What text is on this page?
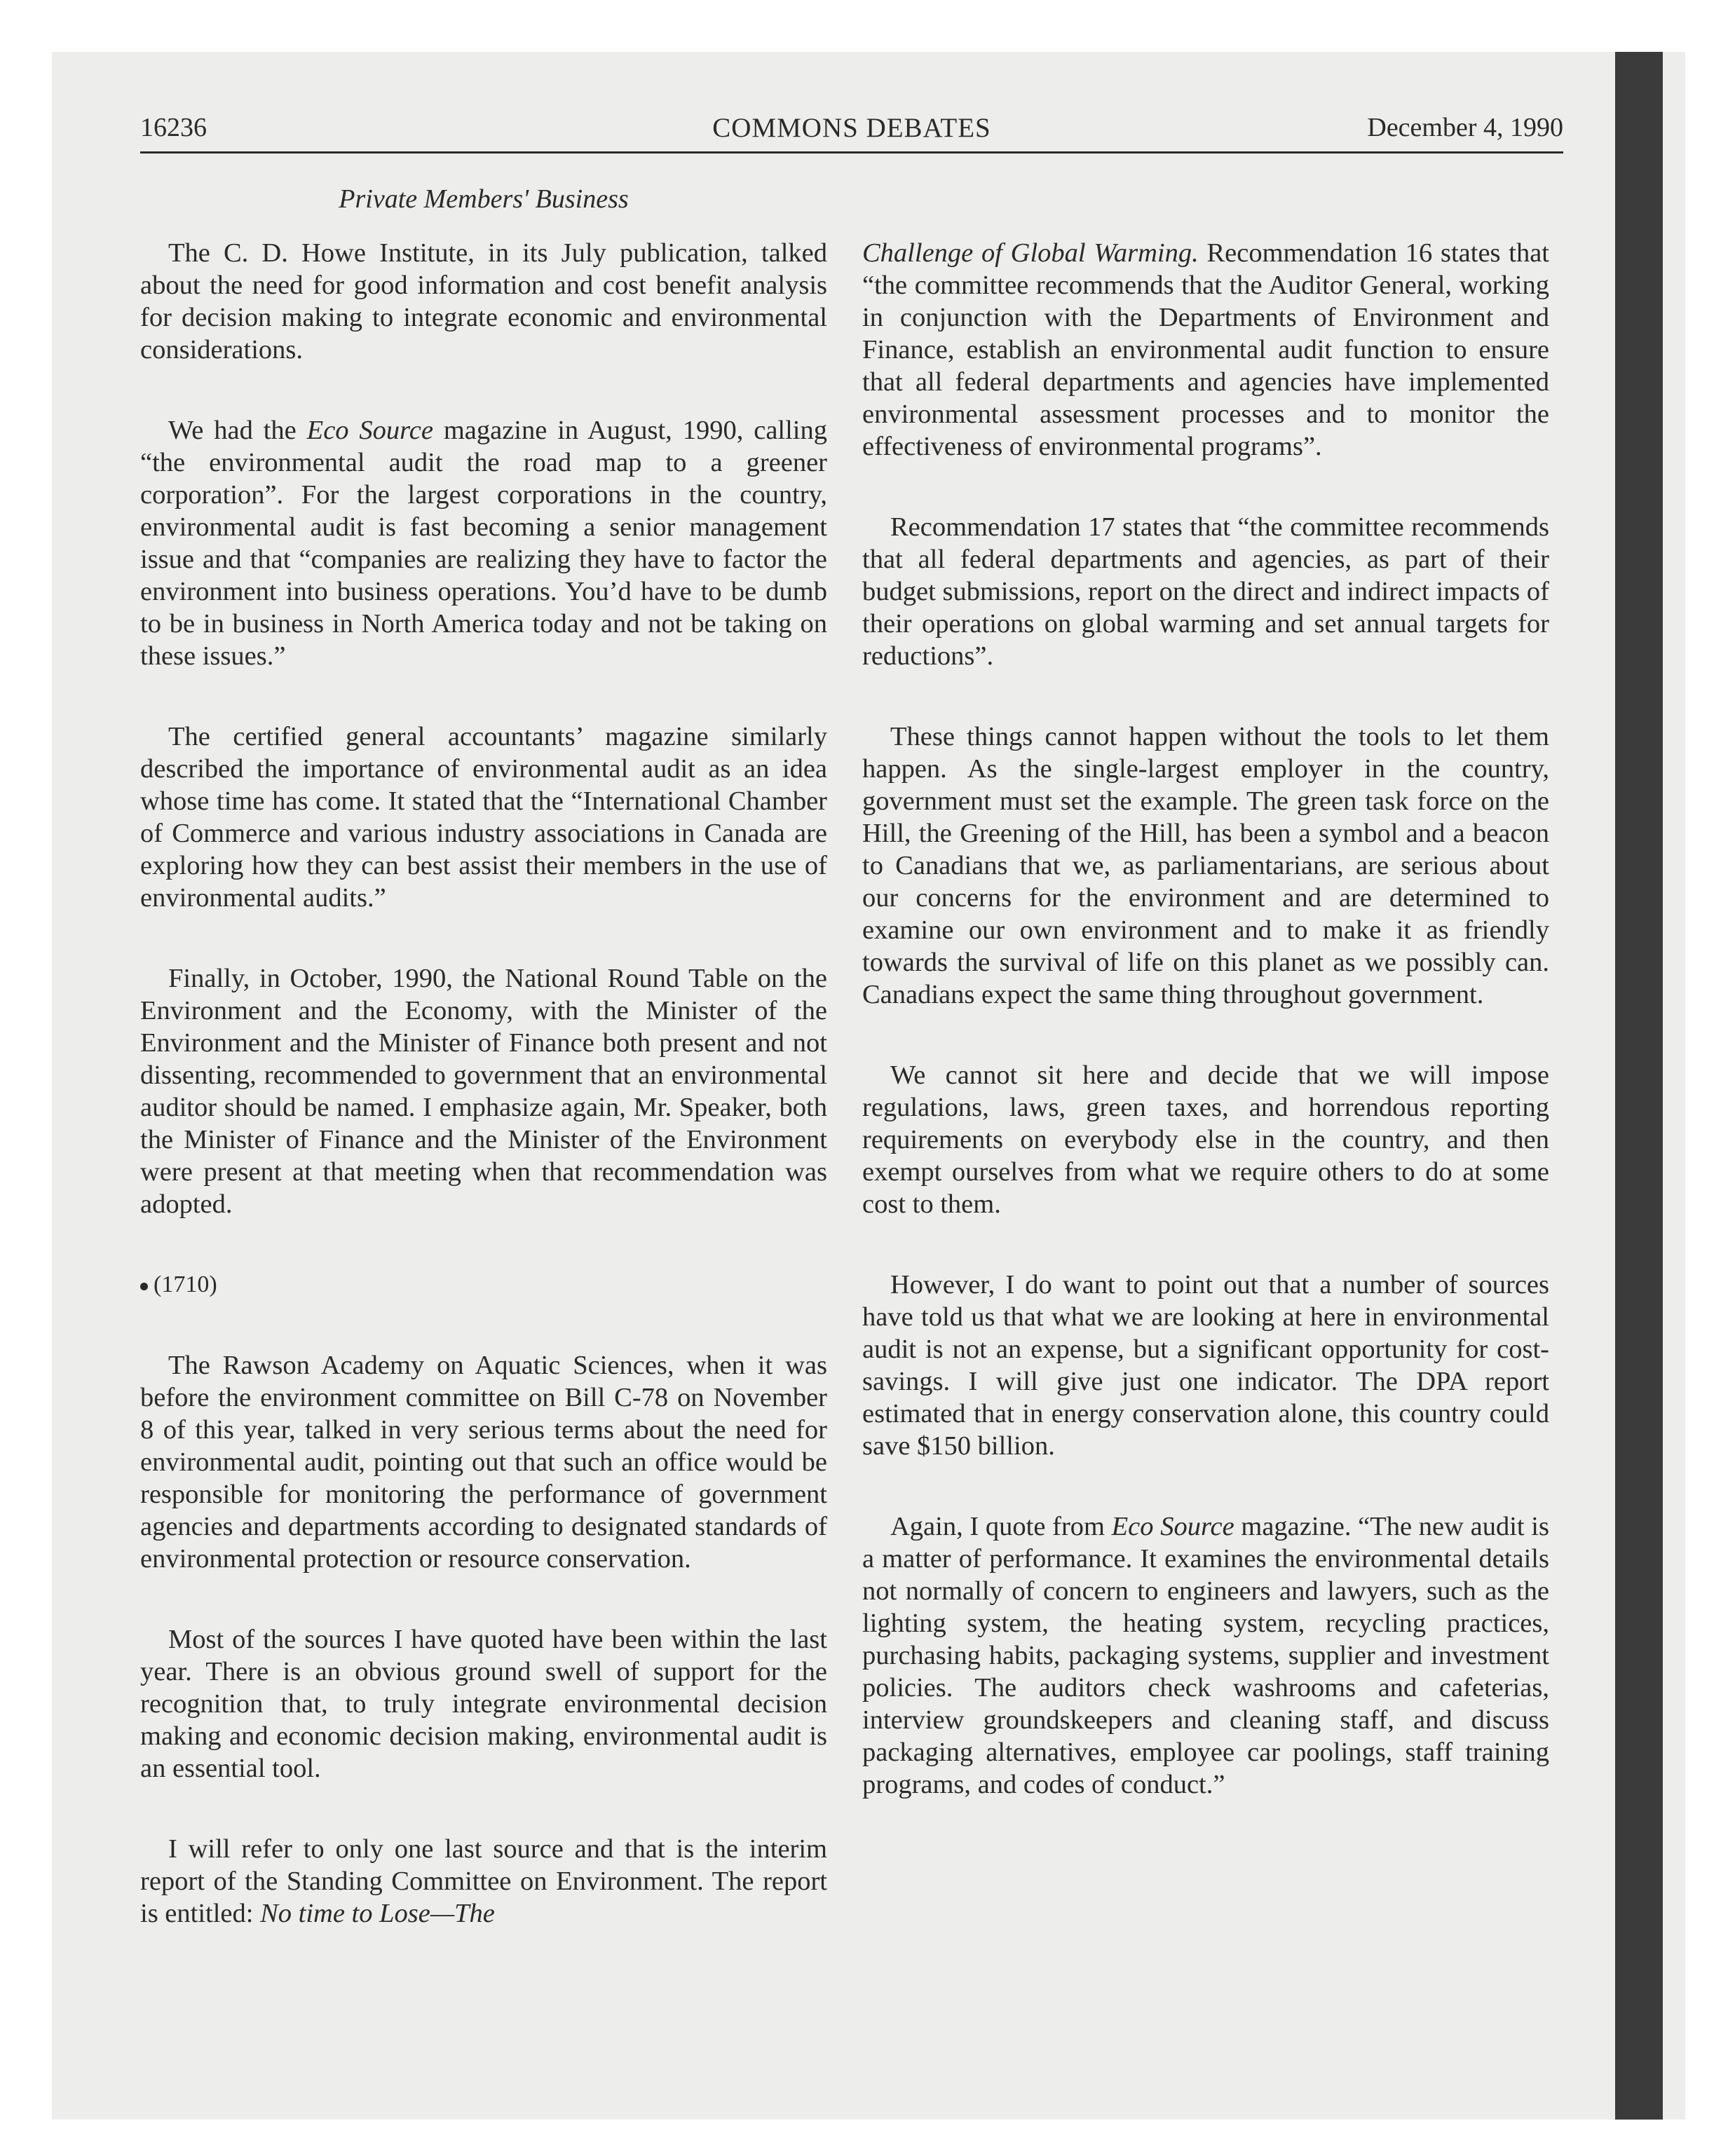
16236	COMMONS DEBATES	December 4, 1990
Private Members' Business

The C. D. Howe Institute, in its July publication, talked about the need for good information and cost benefit analysis for decision making to integrate economic and environmental considerations.

We had the Eco Source magazine in August, 1990, calling “the environmental audit the road map to a greener corporation”. For the largest corporations in the country, environmental audit is fast becoming a senior management issue and that “companies are realizing they have to factor the environment into business operations. You’d have to be dumb to be in business in North America today and not be taking on these issues.”

The certified general accountants’ magazine similarly described the importance of environmental audit as an idea whose time has come. It stated that the “International Chamber of Commerce and various industry associations in Canada are exploring how they can best assist their members in the use of environmental audits.”

Finally, in October, 1990, the National Round Table on the Environment and the Economy, with the Minister of the Environment and the Minister of Finance both present and not dissenting, recommended to government that an environmental auditor should be named. I emphasize again, Mr. Speaker, both the Minister of Finance and the Minister of the Environment were present at that meeting when that recommendation was adopted.

(1710)

The Rawson Academy on Aquatic Sciences, when it was before the environment committee on Bill C-78 on November 8 of this year, talked in very serious terms about the need for environmental audit, pointing out that such an office would be responsible for monitoring the performance of government agencies and departments according to designated standards of environmental protection or resource conservation.

Most of the sources I have quoted have been within the last year. There is an obvious ground swell of support for the recognition that, to truly integrate environmental decision making and economic decision making, environmental audit is an essential tool.

I will refer to only one last source and that is the interim report of the Standing Committee on Environment. The report is entitled: No time to Lose—The

Challenge of Global Warming. Recommendation 16 states that “the committee recommends that the Auditor General, working in conjunction with the Departments of Environment and Finance, establish an environmental audit function to ensure that all federal departments and agencies have implemented environmental assessment processes and to monitor the effectiveness of environmental programs”.

Recommendation 17 states that “the committee recommends that all federal departments and agencies, as part of their budget submissions, report on the direct and indirect impacts of their operations on global warming and set annual targets for reductions”.

These things cannot happen without the tools to let them happen. As the single-largest employer in the country, government must set the example. The green task force on the Hill, the Greening of the Hill, has been a symbol and a beacon to Canadians that we, as parliamentarians, are serious about our concerns for the environment and are determined to examine our own environment and to make it as friendly towards the survival of life on this planet as we possibly can. Canadians expect the same thing throughout government.

We cannot sit here and decide that we will impose regulations, laws, green taxes, and horrendous reporting requirements on everybody else in the country, and then exempt ourselves from what we require others to do at some cost to them.

However, I do want to point out that a number of sources have told us that what we are looking at here in environmental audit is not an expense, but a significant opportunity for cost-savings. I will give just one indicator. The DPA report estimated that in energy conservation alone, this country could save $150 billion.

Again, I quote from Eco Source magazine. “The new audit is a matter of performance. It examines the environmental details not normally of concern to engineers and lawyers, such as the lighting system, the heating system, recycling practices, purchasing habits, packaging systems, supplier and investment policies. The auditors check washrooms and cafeterias, interview groundskeepers and cleaning staff, and discuss packaging alternatives, employee car poolings, staff training programs, and codes of conduct.”
